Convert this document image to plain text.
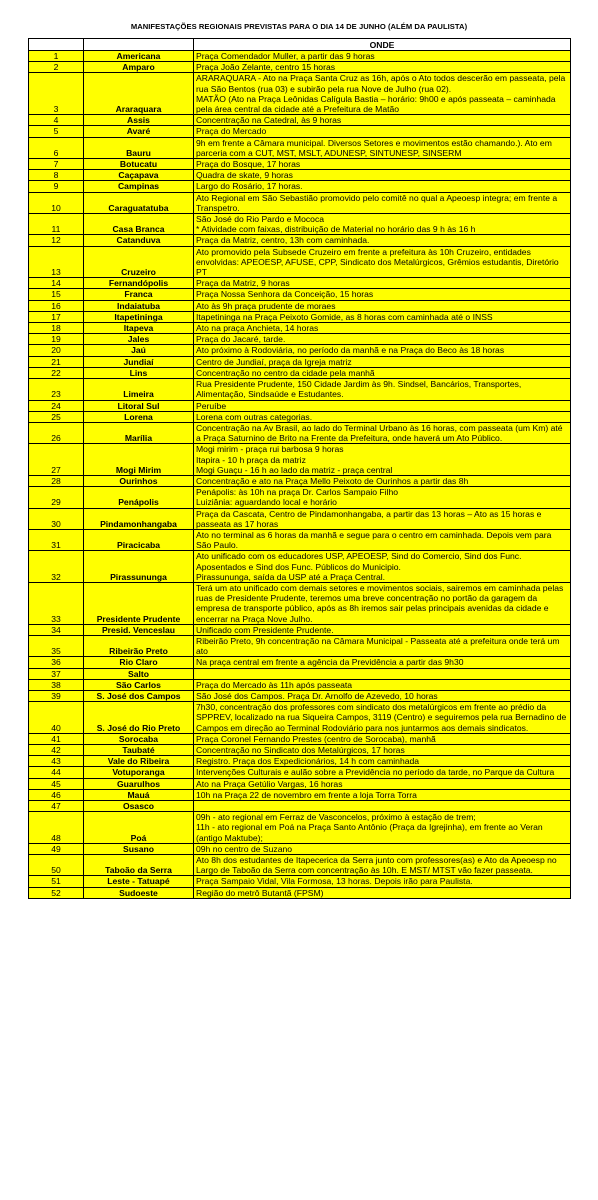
MANIFESTAÇÕES REGIONAIS PREVISTAS PARA O DIA 14 DE JUNHO (ALÉM DA PAULISTA)
		ONDE
1	Americana	Praça Comendador Muller, a partir das 9 horas
2	Amparo	Praça João Zelante, centro 15 horas
3	Araraquara	ARARAQUARA - Ato na Praça Santa Cruz as 16h, após o Ato todos descerão em passeata, pela rua São Bentos (rua 03) e subirão pela rua Nove de Julho (rua 02).
MATÃO (Ato na Praça Leônidas Calígula Bastia – horário: 9h00 e após passeata – caminhada pela área central da cidade até a Prefeitura de Matão
4	Assis	Concentração na Catedral, às 9 horas
5	Avaré	Praça do Mercado
6	Bauru	9h em frente a Câmara municipal. Diversos Setores e movimentos estão chamando.). Ato em parceria com a CUT, MST, MSLT, ADUNESP, SINTUNESP, SINSERM
7	Botucatu	Praça do Bosque, 17 horas
8	Caçapava	Quadra de skate, 9 horas
9	Campinas	Largo do Rosário, 17 horas.
10	Caraguatatuba	Ato Regional em São Sebastião promovido pelo comitê no qual a Apeoesp integra; em frente a Transpetro.
11	Casa Branca	São José do Rio Pardo e Mococa
* Atividade com faixas, distribuição de Material no horário das 9 h às 16 h
12	Catanduva	Praça da Matriz, centro, 13h com caminhada.
13	Cruzeiro	Ato promovido pela Subsede Cruzeiro em frente a prefeitura às 10h Cruzeiro, entidades envolvidas: APEOESP, AFUSE, CPP, Sindicato dos Metalúrgicos, Grêmios estudantis, Diretório PT
14	Fernandópolis	Praça da Matriz, 9 horas
15	Franca	Praça Nossa Senhora da Conceição, 15 horas
16	Indaiatuba	Ato às 9h praça prudente de moraes
17	Itapetininga	Itapetininga na Praça Peixoto Gomide, as 8 horas com caminhada até o INSS
18	Itapeva	Ato na praça Anchieta, 14 horas
19	Jales	Praça do Jacaré, tarde.
20	Jaú	Ato próximo à Rodoviária, no período da manhã e na Praça do Beco às 18 horas
21	Jundiaí	Centro de Jundiaí, praça da Igreja matriz
22	Lins	Concentração no centro da cidade pela manhã
23	Limeira	Rua Presidente Prudente, 150 Cidade Jardim às 9h. Sindsel, Bancários, Transportes, Alimentação, Sindsaúde e Estudantes.
24	Litoral Sul	Peruíbe
25	Lorena	Lorena com outras categorias.
26	Marília	Concentração na Av Brasil, ao lado do Terminal Urbano às 16 horas, com passeata (um Km) até a Praça Saturnino de Brito na Frente da Prefeitura, onde haverá um Ato Público.
27	Mogi Mirim	Mogi mirim - praça rui barbosa 9 horas
Itapira - 10 h praça da matriz
Mogi Guaçu - 16 h ao lado da matriz - praça central
28	Ourinhos	Concentração e ato na Praça Mello Peixoto de Ourinhos a partir das 8h
29	Penápolis	Penápolis: às 10h na praça Dr. Carlos Sampaio Filho
Luiziânia: aguardando local e horário
30	Pindamonhangaba	Praça da Cascata, Centro de Pindamonhangaba, a partir das 13 horas – Ato as 15 horas e passeata as 17 horas
31	Piracicaba	Ato no terminal as 6 horas da manhã e segue para o centro em caminhada. Depois vem para São Paulo.
32	Pirassununga	Ato unificado com os educadores USP, APEOESP, Sind do Comercio, Sind dos Func. Aposentados e Sind dos Func. Públicos do Municipio.
Pirassununga, saída da USP até a Praça Central.
33	Presidente Prudente	Terá um ato unificado com demais setores e movimentos sociais, sairemos em caminhada pelas ruas de Presidente Prudente, teremos uma breve concentração no portão da garagem da empresa de transporte público, após as 8h iremos sair pelas principais avenidas da cidade e encerrar na Praça Nove Julho.
34	Presid. Venceslau	Unificado com Presidente Prudente.
35	Ribeirão Preto	Ribeirão Preto, 9h concentração na Câmara Municipal - Passeata até a prefeitura onde terá um ato
36	Rio Claro	Na praça central em frente a agência da Previdência a partir das 9h30
37	Salto	
38	São Carlos	Praça do Mercado às 11h após passeata
39	S. José dos Campos	São José dos Campos. Praça Dr. Arnolfo de Azevedo, 10 horas
40	S. José do Rio Preto	7h30, concentração dos professores com sindicato dos metalúrgicos em frente ao prédio da SPPREV, localizado na rua Siqueira Campos, 3119 (Centro) e seguiremos pela rua Bernadino de Campos em direção ao Terminal Rodoviário para nos juntarmos aos demais sindicatos.
41	Sorocaba	Praça Coronel Fernando Prestes (centro de Sorocaba), manhã
42	Taubaté	Concentração no Sindicato dos Metalúrgicos, 17 horas
43	Vale do Ribeira	Registro. Praça dos Expedicionários, 14 h com caminhada
44	Votuporanga	Intervenções Culturais e aulão sobre a Previdência no período da tarde, no Parque da Cultura
45	Guarulhos	Ato na Praça Getúlio Vargas, 16 horas
46	Mauá	10h na Praça 22 de novembro em frente a loja Torra Torra
47	Osasco	
48	Poá	09h - ato regional em Ferraz de Vasconcelos, próximo à estação de trem;
11h - ato regional em Poá na Praça Santo Antônio (Praça da Igrejinha), em frente ao Veran (antigo Maktube);
49	Susano	09h no centro de Suzano
50	Taboão da Serra	Ato 8h dos estudantes de Itapecerica da Serra junto com professores(as) e Ato da Apeoesp no Largo de Taboão da Serra com concentração às 10h. E MST/ MTST vão fazer passeata.
51	Leste - Tatuapé	Praça Sampaio Vidal, Vila Formosa, 13 horas. Depois irão para Paulista.
52	Sudoeste	Região do metrô Butantã (FPSM)
